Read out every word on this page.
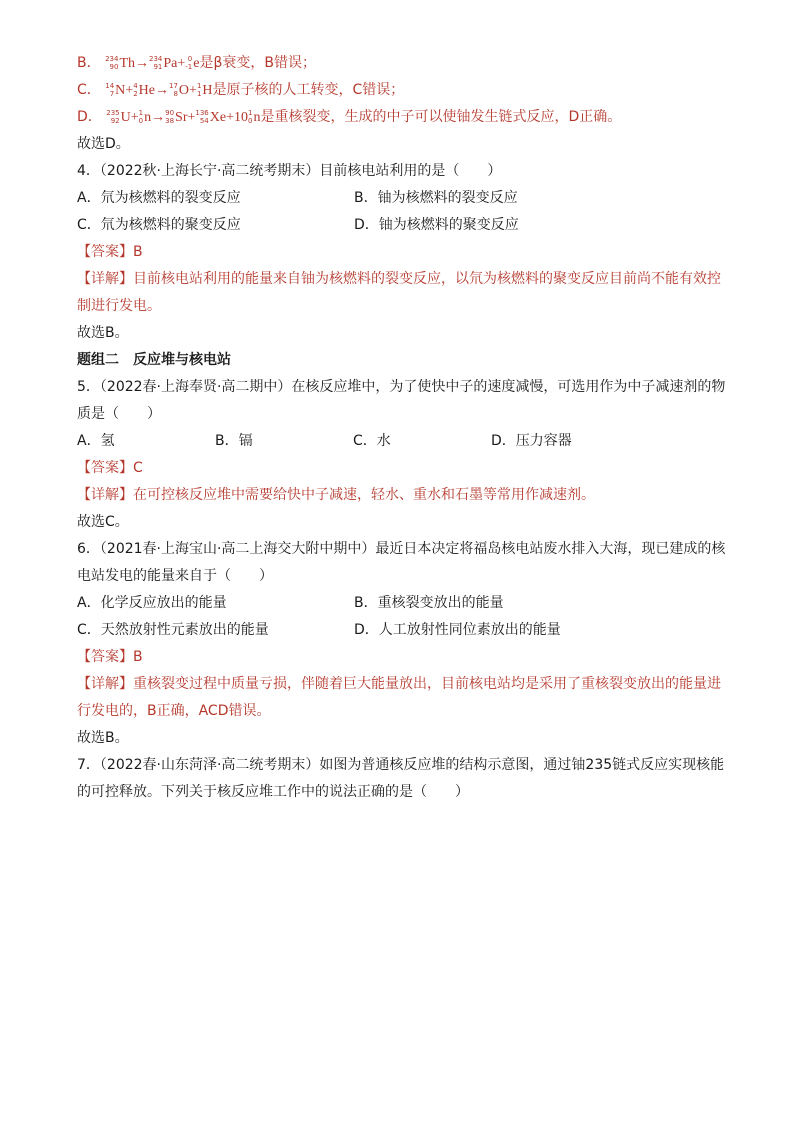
B． 234
90 Th→ 234
91 Pa+ 0
-1 e是β衰变，B错误；
C． 14
7 N+ 4
2 He→ 17
8 O+ 1
1 H是原子核的人工转变，C错误；
D． 235
92 U+ 1
0 n→ 90
38 Sr+ 136
54 Xe+10 1
0 n是重核裂变，生成的中子可以使铀发生链式反应，D正确。
故选D。
4．（2022秋·上海长宁·高二统考期末）目前核电站利用的是（　　）
A．氘为核燃料的裂变反应	B．铀为核燃料的裂变反应
C．氘为核燃料的聚变反应	D．铀为核燃料的聚变反应
【答案】B
【详解】目前核电站利用的能量来自铀为核燃料的裂变反应，以氘为核燃料的聚变反应目前尚不能有效控制进行发电。
故选B。
题组二　反应堆与核电站
5．（2022春·上海奉贤·高二期中）在核反应堆中，为了使快中子的速度减慢，可选用作为中子减速剂的物质是（　　）
A．氢	B．镉	C．水	D．压力容器
【答案】C
【详解】在可控核反应堆中需要给快中子减速，轻水、重水和石墨等常用作减速剂。
故选C。
6．（2021春·上海宝山·高二上海交大附中期中）最近日本决定将福岛核电站废水排入大海，现已建成的核电站发电的能量来自于（　　）
A．化学反应放出的能量	B．重核裂变放出的能量
C．天然放射性元素放出的能量	D．人工放射性同位素放出的能量
【答案】B
【详解】重核裂变过程中质量亏损，伴随着巨大能量放出，目前核电站均是采用了重核裂变放出的能量进行发电的，B正确，ACD错误。
故选B。
7．（2022春·山东菏泽·高二统考期末）如图为普通核反应堆的结构示意图，通过铀235链式反应实现核能的可控释放。下列关于核反应堆工作中的说法正确的是（　　）
